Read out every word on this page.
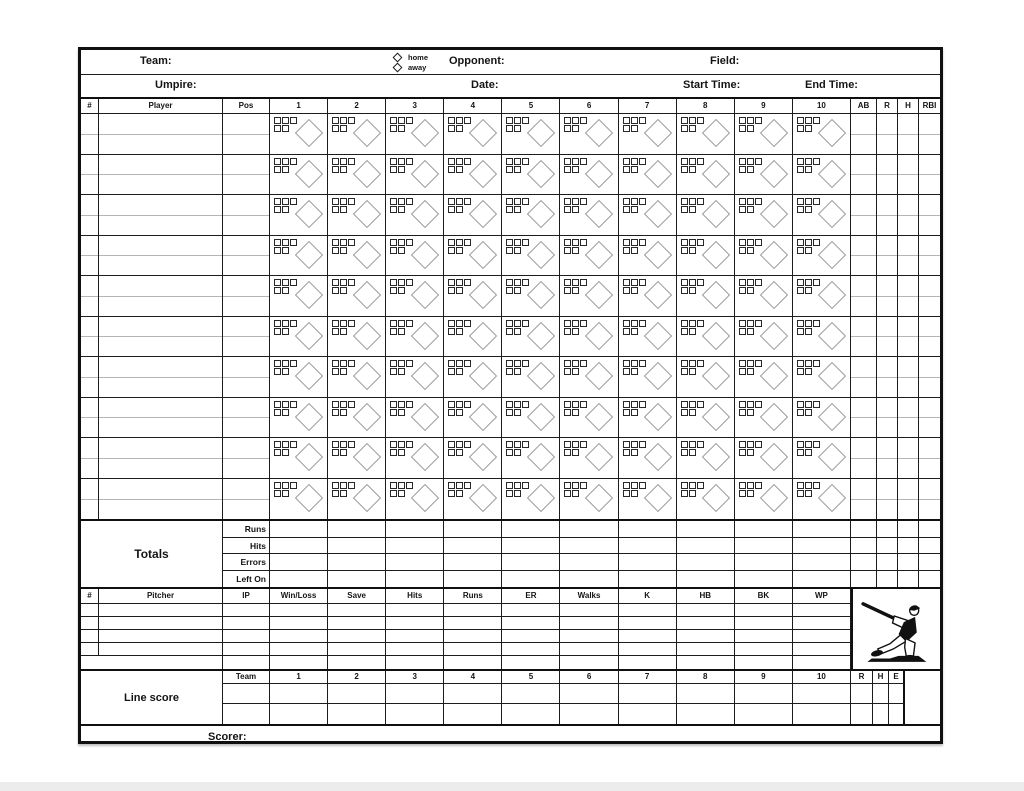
Team:	home
away Opponent:	Field:
Umpire:	Date:	Start Time:	End Time:
#	Player	Pos	1	2	3	4	5	6	7	8	9	10	AB	R	H	RBI
Totals
Runs
Hits
Errors
Left On
#	Pitcher	IP	Win/Loss	Save	Hits	Runs	ER	Walks	K	HB	BK	WP
Line score
Team	1	2	3	4	5	6	7	8	9	10	R	H	E
Scorer:
